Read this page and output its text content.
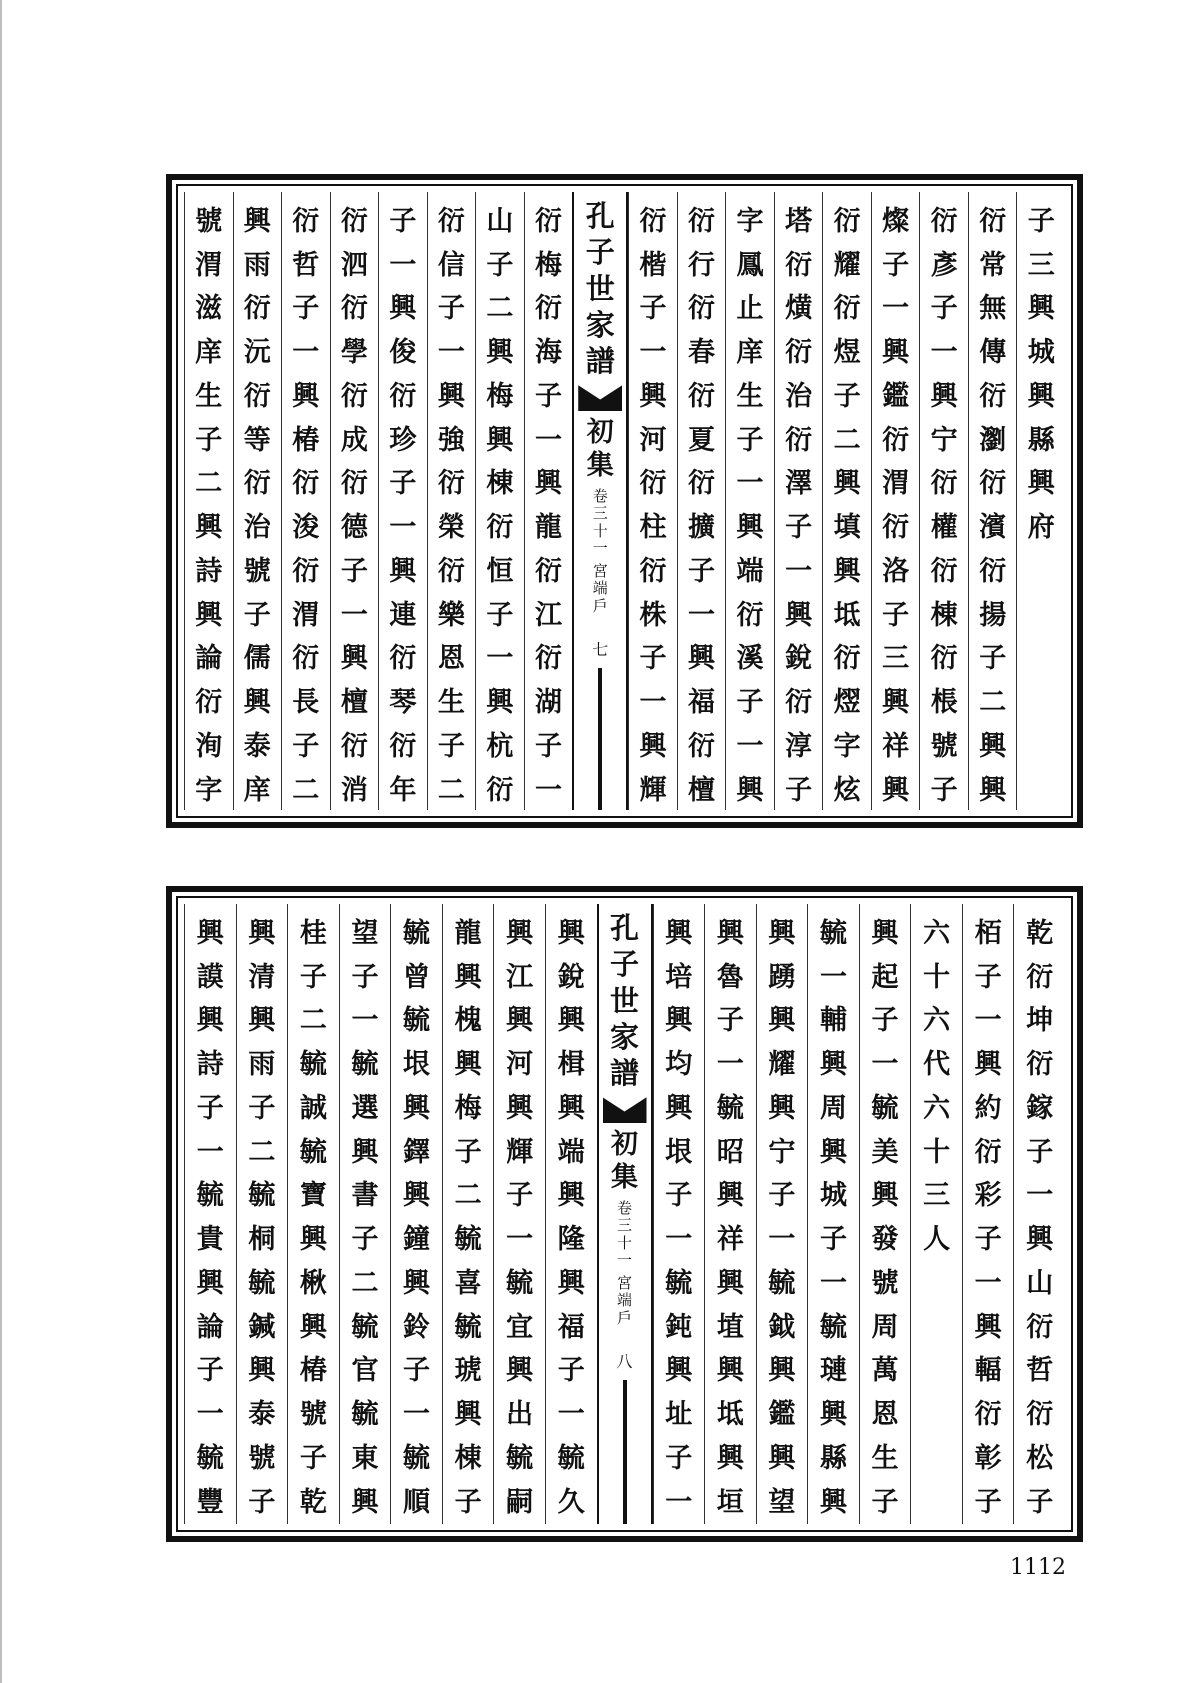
子
三
興
城
興
縣
興
府
衍
常
無
傳
衍
瀏
衍
濱
衍
揚
子
二
興
興
衍
彥
子
一
興
宁
衍
權
衍
棟
衍
棖
號
子
燦
子
一
興
鑑
衍
渭
衍
洛
子
三
興
祥
興
衍
耀
衍
煜
子
二
興
填
興
坻
衍
熤
字
炫
塔
衍
熿
衍
治
衍
澤
子
一
興
銳
衍
淳
子
字
鳳
止
庠
生
子
一
興
端
衍
溪
子
一
興
衍
行
衍
春
衍
夏
衍
擴
子
一
興
福
衍
檀
衍
楷
子
一
興
河
衍
柱
衍
株
子
一
興
輝
孔
子
世
家
譜
初
集
卷
三
十
一
宮
端
戶
七
衍
梅
衍
海
子
一
興
龍
衍
江
衍
湖
子
一
山
子
二
興
梅
興
棟
衍
恒
子
一
興
杭
衍
衍
信
子
一
興
強
衍
榮
衍
樂
恩
生
子
二
子
一
興
俊
衍
珍
子
一
興
連
衍
琴
衍
年
衍
泗
衍
學
衍
成
衍
德
子
一
興
檀
衍
消
衍
哲
子
一
興
椿
衍
浚
衍
渭
衍
長
子
二
興
雨
衍
沅
衍
等
衍
治
號
子
儒
興
泰
庠
號
渭
滋
庠
生
子
二
興
詩
興
論
衍
洵
字
乾
衍
坤
衍
鎵
子
一
興
山
衍
哲
衍
松
子
栢
子
一
興
約
衍
彩
子
一
興
輻
衍
彰
子
六
十
六
代
六
十
三
人
興
起
子
一
毓
美
興
發
號
周
萬
恩
生
子
毓
一
輔
興
周
興
城
子
一
毓
璉
興
縣
興
興
踴
興
耀
興
宁
子
一
毓
鉞
興
鑑
興
望
興
魯
子
一
毓
昭
興
祥
興
埴
興
坻
興
垣
興
培
興
均
興
垠
子
一
毓
鈍
興
址
子
一
孔
子
世
家
譜
初
集
卷
三
十
一
宮
端
戶
八
興
銳
興
楫
興
端
興
隆
興
福
子
一
毓
久
興
江
興
河
興
輝
子
一
毓
宜
興
出
毓
嗣
龍
興
槐
興
梅
子
二
毓
喜
毓
琥
興
棟
子
毓
曾
毓
垠
興
鐸
興
鐘
興
鈴
子
一
毓
順
望
子
一
毓
選
興
書
子
二
毓
官
毓
東
興
桂
子
二
毓
誠
毓
寶
興
楸
興
椿
號
子
乾
興
清
興
雨
子
二
毓
桐
毓
鍼
興
泰
號
子
興
謨
興
詩
子
一
毓
貴
興
論
子
一
毓
豐
1112
